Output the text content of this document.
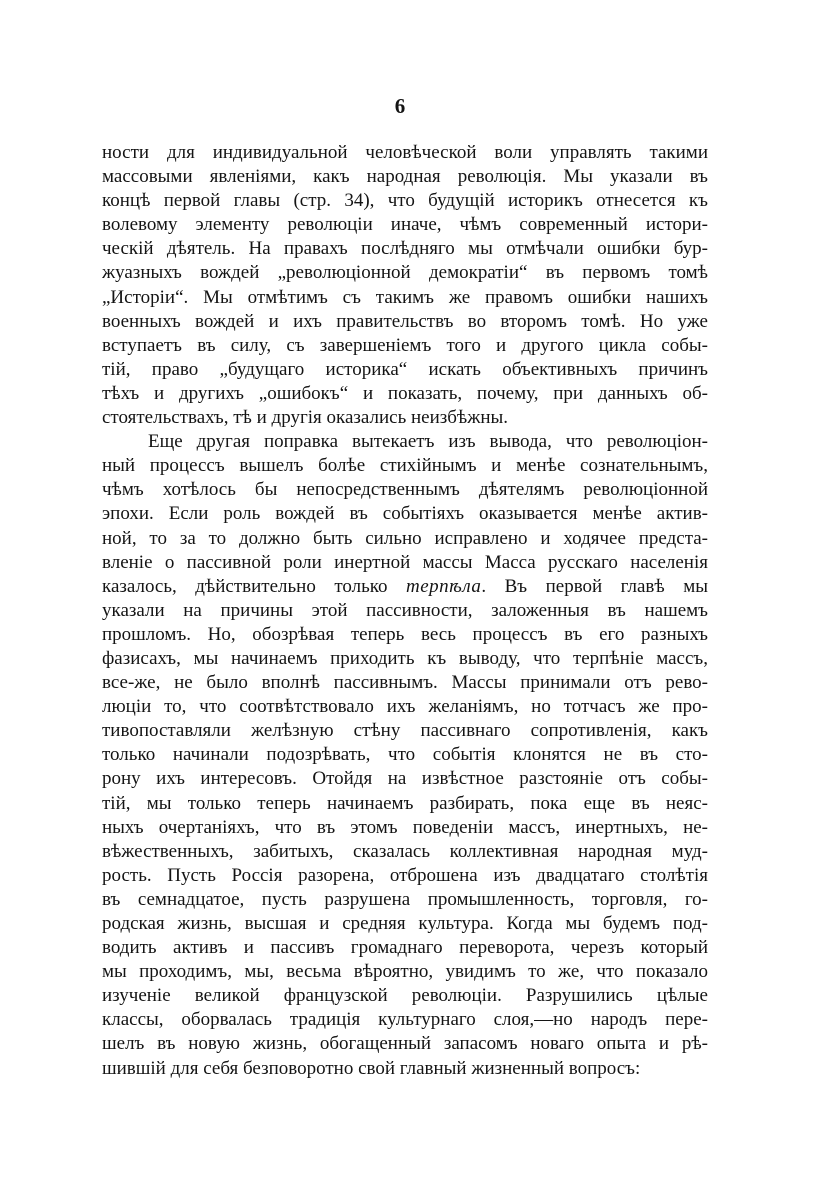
6
ности для индивидуальной человѣческой воли управлять такими
массовыми явленiями, какъ народная революцiя. Мы указали въ
концѣ первой главы (стр. 34), что будущiй историкъ отнесется къ
волевому элементу революцiи иначе, чѣмъ современный истори-
ческiй дѣятель. На правахъ послѣдняго мы отмѣчали ошибки бур-
жуазныхъ вождей „революцiонной демократiи“ въ первомъ томѣ
„Исторiи“. Мы отмѣтимъ съ такимъ же правомъ ошибки нашихъ
военныхъ вождей и ихъ правительствъ во второмъ томѣ. Но уже
вступаетъ въ силу, съ завершенiемъ того и другого цикла собы-
тiй, право „будущаго историка“ искать объективныхъ причинъ
тѣхъ и другихъ „ошибокъ“ и показать, почему, при данныхъ об-
стоятельствахъ, тѣ и другiя оказались неизбѣжны.
Еще другая поправка вытекаетъ изъ вывода, что революцiон-
ный процессъ вышелъ болѣе стихiйнымъ и менѣе сознательнымъ,
чѣмъ хотѣлось бы непосредственнымъ дѣятелямъ революцiонной
эпохи. Если роль вождей въ событiяхъ оказывается менѣе актив-
ной, то за то должно быть сильно исправлено и ходячее предста-
вленiе о пассивной роли инертной массы Масса русскаго населенiя
казалось, дѣйствительно только терпѣла. Въ первой главѣ мы
указали на причины этой пассивности, заложенныя въ нашемъ
прошломъ. Но, обозрѣвая теперь весь процессъ въ его разныхъ
фазисахъ, мы начинаемъ приходить къ выводу, что терпѣнiе массъ,
все-же, не было вполнѣ пассивнымъ. Массы принимали отъ рево-
люцiи то, что соотвѣтствовало ихъ желанiямъ, но тотчасъ же про-
тивопоставляли желѣзную стѣну пассивнаго сопротивленiя, какъ
только начинали подозрѣвать, что событiя клонятся не въ сто-
рону ихъ интересовъ. Отойдя на извѣстное разстоянiе отъ собы-
тiй, мы только теперь начинаемъ разбирать, пока еще въ неяс-
ныхъ очертанiяхъ, что въ этомъ поведенiи массъ, инертныхъ, не-
вѣжественныхъ, забитыхъ, сказалась коллективная народная муд-
рость. Пусть Россiя разорена, отброшена изъ двадцатаго столѣтiя
въ семнадцатое, пусть разрушена промышленность, торговля, го-
родская жизнь, высшая и средняя культура. Когда мы будемъ под-
водить активъ и пассивъ громаднаго переворота, черезъ который
мы проходимъ, мы, весьма вѣроятно, увидимъ то же, что показало
изученiе великой французской революцiи. Разрушились цѣлые
классы, оборвалась традицiя культурнаго слоя,—но народъ пере-
шелъ въ новую жизнь, обогащенный запасомъ новаго опыта и рѣ-
шившiй для себя безповоротно свой главный жизненный вопросъ:
